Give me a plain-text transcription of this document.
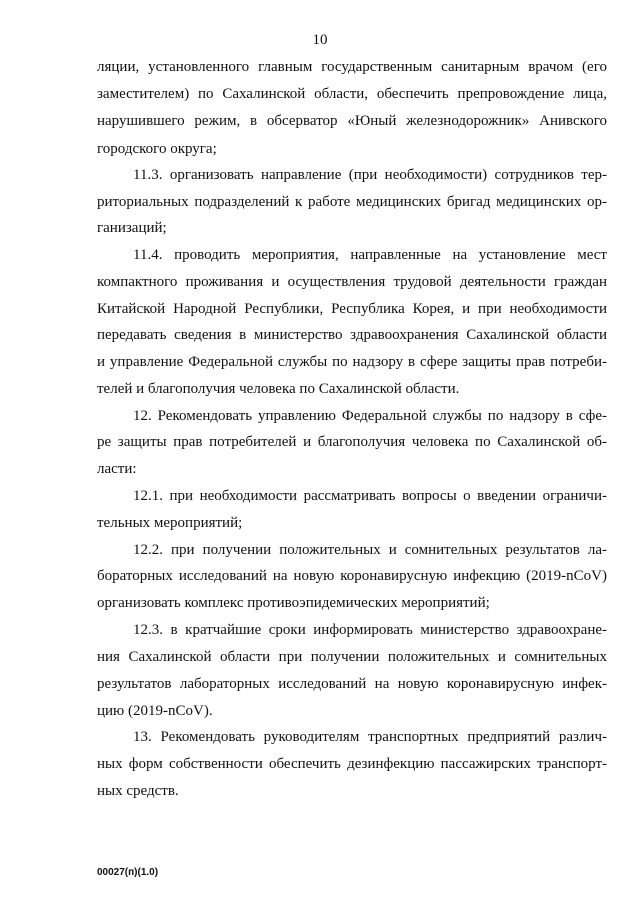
10
ляции, установленного главным государственным санитарным врачом (его
заместителем) по Сахалинской области, обеспечить препровождение лица,
нарушившего режим, в обсерватор «Юный железнодорожник» Анивского
городского округа;
11.3. организовать направление (при необходимости) сотрудников тер-
риториальных подразделений к работе медицинских бригад медицинских ор-
ганизаций;
11.4. проводить мероприятия, направленные на установление мест
компактного проживания и осуществления трудовой деятельности граждан
Китайской Народной Республики, Республика Корея, и при необходимости
передавать сведения в министерство здравоохранения Сахалинской области
и управление Федеральной службы по надзору в сфере защиты прав потреби-
телей и благополучия человека по Сахалинской области.
12. Рекомендовать управлению Федеральной службы по надзору в сфе-
ре защиты прав потребителей и благополучия человека по Сахалинской об-
ласти:
12.1. при необходимости рассматривать вопросы о введении ограничи-
тельных мероприятий;
12.2. при получении положительных и сомнительных результатов ла-
бораторных исследований на новую коронавирусную инфекцию (2019-nCoV)
организовать комплекс противоэпидемических мероприятий;
12.3. в кратчайшие сроки информировать министерство здравоохране-
ния Сахалинской области при получении положительных и сомнительных
результатов лабораторных исследований на новую коронавирусную инфек-
цию (2019-nCoV).
13. Рекомендовать руководителям транспортных предприятий различ-
ных форм собственности обеспечить дезинфекцию пассажирских транспорт-
ных средств.
00027(п)(1.0)
